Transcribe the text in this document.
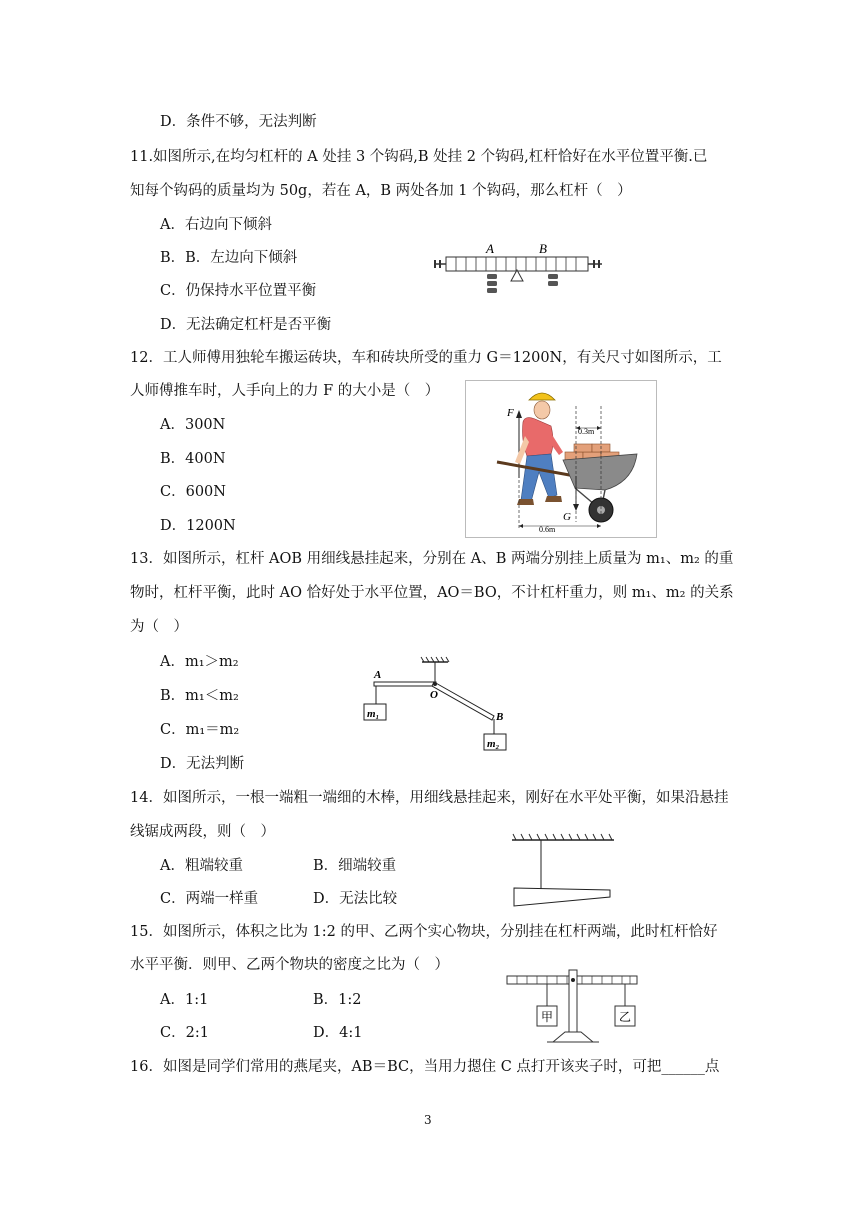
D．条件不够，无法判断
11.如图所示,在均匀杠杆的 A 处挂 3 个钩码,B 处挂 2 个钩码,杠杆恰好在水平位置平衡.已
知每个钩码的质量均为 50g，若在 A，B 两处各加 1 个钩码，那么杠杆（　）
A．右边向下倾斜
B．B．左边向下倾斜
C．仍保持水平位置平衡
D．无法确定杠杆是否平衡
A	B
12．工人师傅用独轮车搬运砖块，车和砖块所受的重力 G＝1200N，有关尺寸如图所示，工
人师傅推车时，人手向上的力 F 的大小是（　）
A．300N
B．400N
C．600N
D．1200N
F
0.3m
G
0.6m
13．如图所示，杠杆 AOB 用细线悬挂起来，分别在 A、B 两端分别挂上质量为 m₁、m₂ 的重
物时，杠杆平衡，此时 AO 恰好处于水平位置，AO＝BO，不计杠杆重力，则 m₁、m₂ 的关系
为（　）
A．m₁＞m₂
B．m₁＜m₂
C．m₁＝m₂
D．无法判断
A
O
B
m₁
m₂
14．如图所示，一根一端粗一端细的木棒，用细线悬挂起来，刚好在水平处平衡，如果沿悬挂
线锯成两段，则（　）
A．粗端较重	B．细端较重
C．两端一样重	D．无法比较
15．如图所示，体积之比为 1:2 的甲、乙两个实心物块，分别挂在杠杆两端，此时杠杆恰好
水平平衡．则甲、乙两个物块的密度之比为（　）
A．1:1	B．1:2
C．2:1	D．4:1
甲	乙
16．如图是同学们常用的燕尾夹，AB＝BC，当用力摁住 C 点打开该夹子时，可把______点
3
